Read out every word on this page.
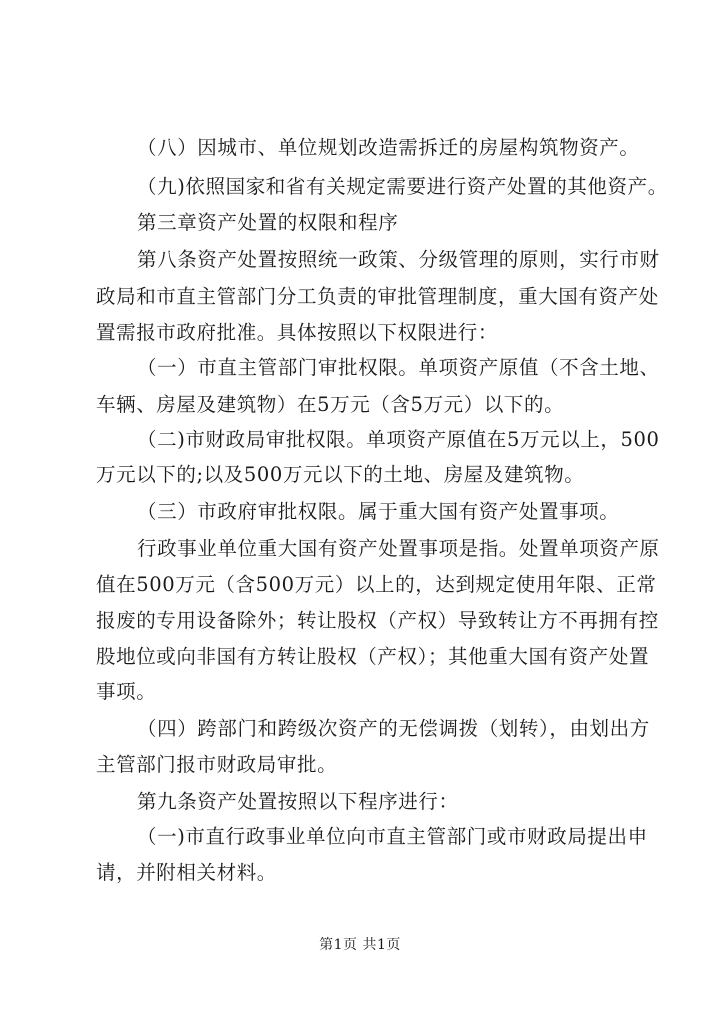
（八）因城市、单位规划改造需拆迁的房屋构筑物资产。
（九)依照国家和省有关规定需要进行资产处置的其他资产。
第三章资产处置的权限和程序
第八条资产处置按照统一政策、分级管理的原则，实行市财
政局和市直主管部门分工负责的审批管理制度，重大国有资产处
置需报市政府批准。具体按照以下权限进行：
（一）市直主管部门审批权限。单项资产原值（不含土地、
车辆、房屋及建筑物）在5万元（含5万元）以下的。
（二)市财政局审批权限。单项资产原值在5万元以上，500
万元以下的;以及500万元以下的土地、房屋及建筑物。
（三）市政府审批权限。属于重大国有资产处置事项。
行政事业单位重大国有资产处置事项是指。处置单项资产原
值在500万元（含500万元）以上的，达到规定使用年限、正常
报废的专用设备除外；转让股权（产权）导致转让方不再拥有控
股地位或向非国有方转让股权（产权）；其他重大国有资产处置
事项。
（四）跨部门和跨级次资产的无偿调拨（划转），由划出方
主管部门报市财政局审批。
第九条资产处置按照以下程序进行：
（一)市直行政事业单位向市直主管部门或市财政局提出申
请，并附相关材料。
第1页 共1页
